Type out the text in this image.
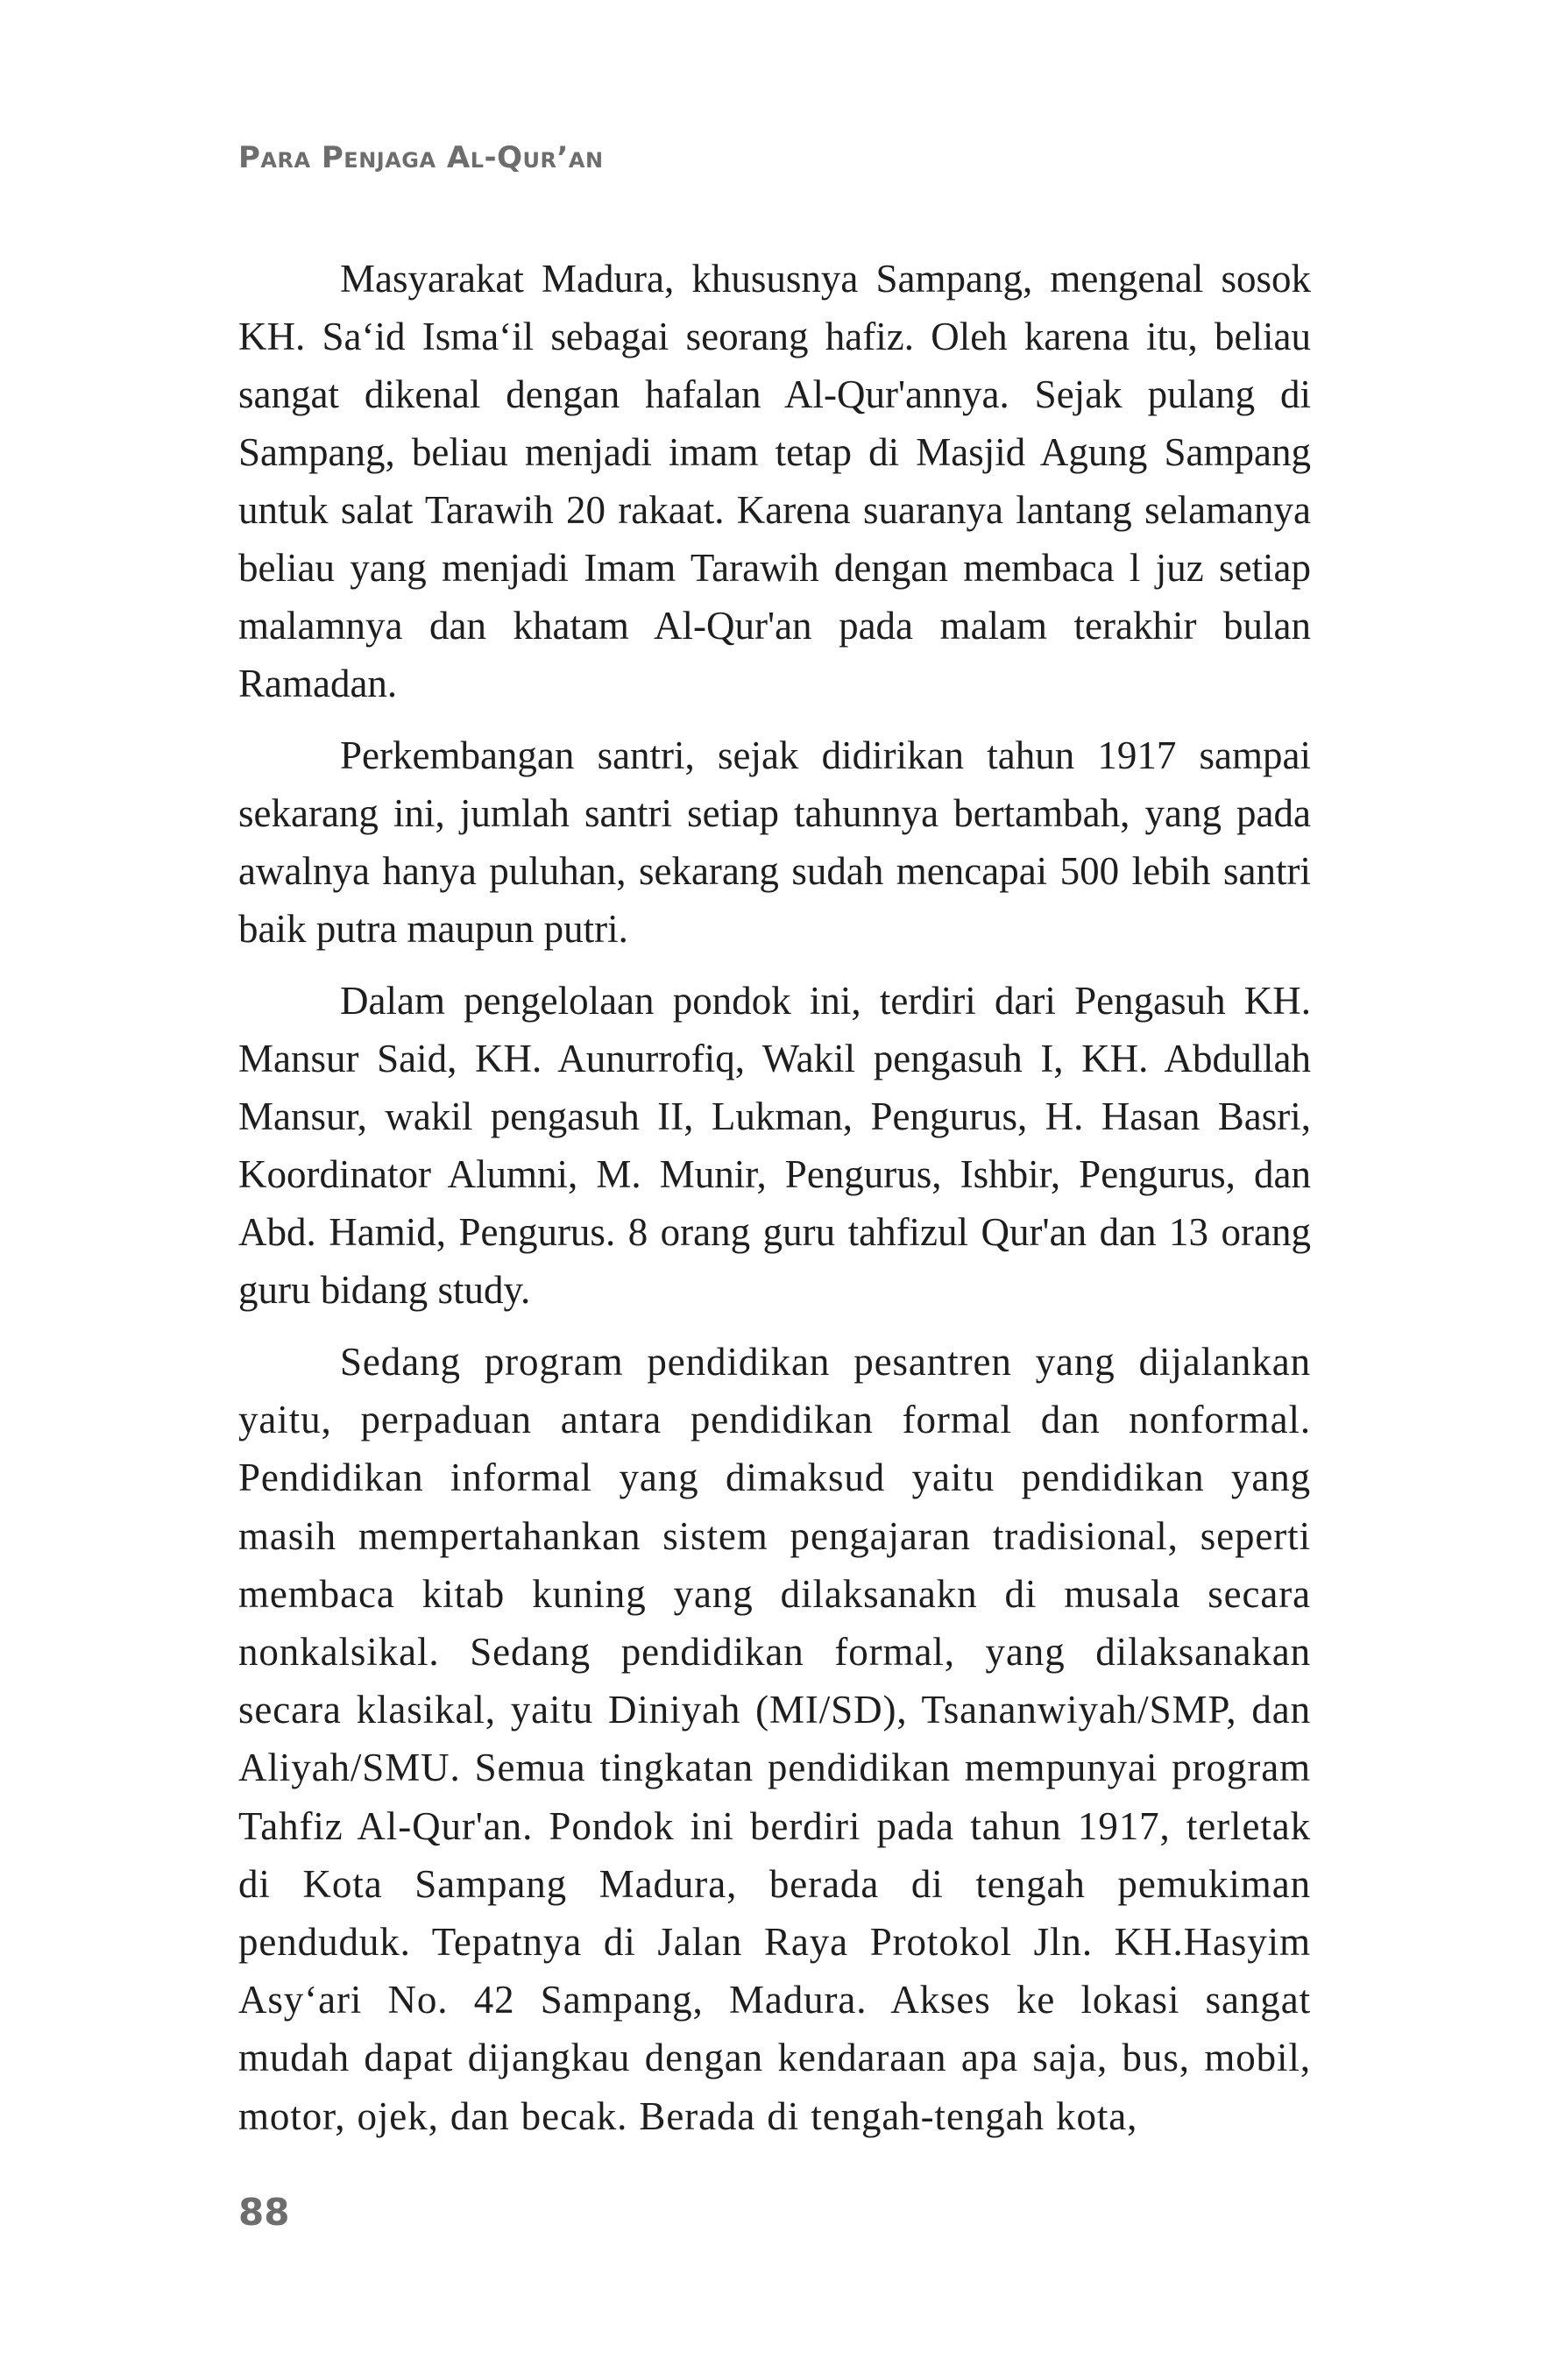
Para Penjaga Al-Qur’an

Masyarakat Madura, khususnya Sampang, mengenal sosok KH. Sa‘id Isma‘il sebagai seorang hafiz. Oleh karena itu, beliau sangat dikenal dengan hafalan Al-Qur'annya. Sejak pulang di Sampang, beliau menjadi imam tetap di Masjid Agung Sampang untuk salat Tarawih 20 rakaat. Karena suaranya lantang selamanya beliau yang menjadi Imam Tarawih dengan membaca l juz setiap malamnya dan khatam Al-Qur'an pada malam terakhir bulan Ramadan.

Perkembangan santri, sejak didirikan tahun 1917 sampai sekarang ini, jumlah santri setiap tahunnya bertambah, yang pada awalnya hanya puluhan, sekarang sudah mencapai 500 lebih santri baik putra maupun putri.

Dalam pengelolaan pondok ini, terdiri dari Pengasuh KH. Mansur Said, KH. Aunurrofiq, Wakil pengasuh I, KH. Abdullah Mansur, wakil pengasuh II, Lukman, Pengurus, H. Hasan Basri, Koordinator Alumni, M. Munir, Pengurus, Ishbir, Pengurus, dan Abd. Hamid, Pengurus. 8 orang guru tahfizul Qur'an dan 13 orang guru bidang study.

Sedang program pendidikan pesantren yang dijalankan yaitu, perpaduan antara pendidikan formal dan nonformal. Pendidikan informal yang dimaksud yaitu pendidikan yang masih mempertahankan sistem pengajaran tradisional, seperti membaca kitab kuning yang dilaksanakn di musala secara nonkalsikal. Sedang pendidikan formal, yang dilaksanakan secara klasikal, yaitu Diniyah (MI/SD), Tsananwiyah/SMP, dan Aliyah/SMU. Semua tingkatan pendidikan mempunyai program Tahfiz Al-Qur'an. Pondok ini berdiri pada tahun 1917, terletak di Kota Sampang Madura, berada di tengah pemukiman penduduk. Tepatnya di Jalan Raya Protokol Jln. KH.Hasyim Asy‘ari No. 42 Sampang, Madura. Akses ke lokasi sangat mudah dapat dijangkau dengan kendaraan apa saja, bus, mobil, motor, ojek, dan becak. Berada di tengah-tengah kota,

88
